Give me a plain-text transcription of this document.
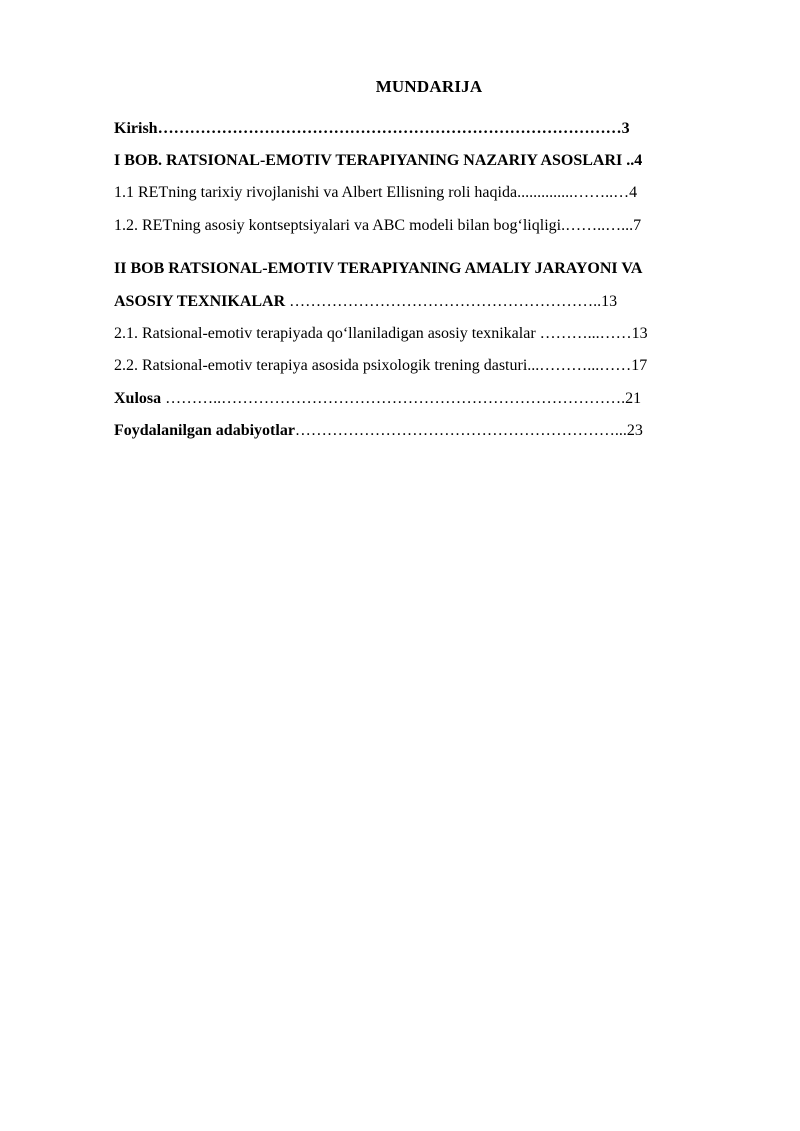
MUNDARIJA
Kirish……………………………………………………………………………3
I BOB. RATSIONAL-EMOTIV TERAPIYANING NAZARIY ASOSLARI ..4
1.1 RETning tarixiy rivojlanishi va Albert Ellisning roli haqida..............……..…4
1.2. RETning asosiy kontseptsiyalari va ABC modeli bilan bog‘liqligi.……..…...7
II BOB RATSIONAL-EMOTIV TERAPIYANING AMALIY JARAYONI VA
ASOSIY TEXNIKALAR …………………………………………………..13
2.1. Ratsional-emotiv terapiyada qo‘llaniladigan asosiy texnikalar ………...……13
2.2. Ratsional-emotiv terapiya asosida psixologik trening dasturi...………...……17
Xulosa ………..………………………………………………………………….21
Foydalanilgan adabiyotlar……………………………………………………...23
